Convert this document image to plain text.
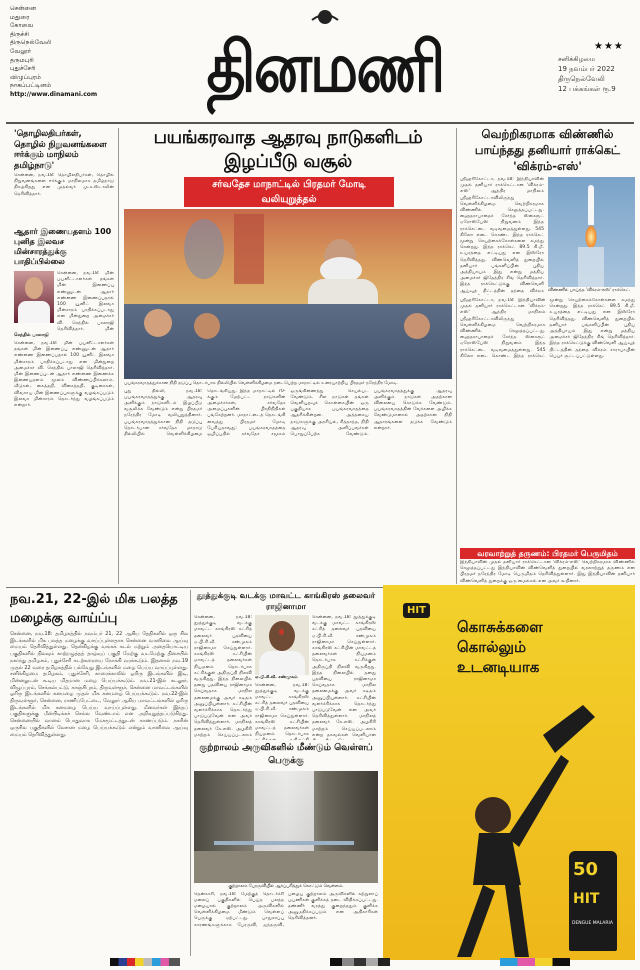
சென்னை
மதுரை
கோவை
திருச்சி
திருநெல்வேலி
வேலூர்
தருமபுரி
புதுச்சேரி
விழுப்புரம்
நாகப்பட்டினம்
http://www.dinamani.com	தினமணி	★★★
சனிக்கிழமை
19 நவம்பர் 2022
திருநெல்வேலி
12 பக்கங்கள் ரூ.9
'தொழிலதிபர்கள், தொழில் நிறுவனங்களை ஈர்க்கும் மாநிலம் தமிழ்நாடு'
சென்னை, நவ.18: தொழிலதிபர்கள், தொழில் நிறுவனங்களை ஈர்க்கும் மாநிலமாக தமிழ்நாடு திகழ்கிறது என முதல்வர் மு.க.ஸ்டாலின் தெரிவித்தார்.
ஆதார் இணையதளம் 100 புனித இலவச மின்சாரத்துக்கு பாதிப்பில்லை
சென்னை, நவ.18: மின் பயனீட்டாளர்கள் தங்கள் மின் இணைப்பு எண்ணுடன் ஆதார் எண்ணை இணைப்பதால் 100 யூனிட் இலவச மின்சாரம் பாதிக்கப்படாது என மின்துறை அமைச்சர் வி. செந்தில் பாலாஜி தெரிவித்தார். மின்
செந்தில் பாலாஜி
சென்னை, நவ.18: மின் பயனீட்டாளர்கள் தங்கள் மின் இணைப்பு எண்ணுடன் ஆதார் எண்ணை இணைப்பதால் 100 யூனிட் இலவச மின்சாரம் பாதிக்கப்படாது என மின்துறை அமைச்சர் வி. செந்தில் பாலாஜி தெரிவித்தார். மின் இணைப்புடன் ஆதார் எண்ணை இணைக்க இணையதளம் மூலம் விண்ணப்பிக்கலாம். வீடுகள், கைத்தறி, விசைத்தறி, குடிசைகள், விவசாய மின் இணைப்புகளுக்கு வழங்கப்படும் இலவச மின்சாரம் தொடர்ந்து வழங்கப்படும் என்றார்.
பயங்கரவாத ஆதரவு நாடுகளிடம் இழப்பீடு வசூல்
சர்வதேச மாநாட்டில் பிரதமர் மோடி வலியுறுத்தல்
பயங்கரவாதத்துக்கான நிதி தடுப்பு தொடர்பாக தில்லியில் வெள்ளிக்கிழமை நடைபெற்ற மாநாட்டில் உரையாற்றிய பிரதமர் நரேந்திர மோடி.
புது தில்லி, நவ.18: பயங்கரவாதத்துக்கு ஆதரவு அளிக்கும் நாடுகளிடம் இழப்பீடு வசூலிக்க வேண்டும் என்று பிரதமர் நரேந்திர மோடி வலியுறுத்தினார். பயங்கரவாதத்துக்கான நிதி தடுப்பு தொடர்பான சர்வதேச மாநாடு தில்லியில் வெள்ளிக்கிழமை தொடங்கியது. இந்த மாநாட்டில் 70-க்கும் மேற்பட்ட நாடுகளின் அமைச்சர்கள், சர்வதேச அமைப்புகளின் பிரதிநிதிகள் பங்கேற்றனர். மாநாட்டைத் தொடங்கி வைத்து பிரதமர் மோடி பேசியதாவது: பயங்கரவாதத்தை ஒழிப்பதில் சர்வதேச சமூகம் ஒருங்கிணைந்து செயல்பட வேண்டும். சில நாடுகள் தங்கள் வெளியுறவுக் கொள்கையின் ஒரு பகுதியாக பயங்கரவாதத்தை ஆதரிக்கின்றன. அத்தகைய நாடுகளுக்கு அரசியல், சித்தாந்த, நிதி ஆதரவு அளிப்பவர்கள் பொறுப்பேற்க வேண்டும். பயங்கரவாதத்துக்கு ஆதரவு அளிக்கும் நாடுகள் அதற்கான விலையை கொடுக்க வேண்டும். பயங்கரவாதத்தின் வேர்களை அழிக்க வேண்டுமானால் அதற்கான நிதி ஆதாரங்களை தடுக்க வேண்டும் என்றார்.
வெற்றிகரமாக விண்ணில் பாய்ந்தது தனியார் ராக்கெட் 'விக்ரம்-எஸ்'
ஸ்ரீஹரிகோட்டா, நவ.18: இந்தியாவின் முதல் தனியார் ராக்கெட்டான 'விக்ரம்-எஸ்' ஆந்திர மாநிலம் ஸ்ரீஹரிகோட்டாவிலிருந்து வெள்ளிக்கிழமை வெற்றிகரமாக விண்ணில் செலுத்தப்பட்டது. ஹைதராபாதைச் சேர்ந்த ஸ்கைரூட் ஏரோஸ்பேஸ் நிறுவனம் இந்த ராக்கெட்டை வடிவமைத்துள்ளது. 545 கிலோ எடை கொண்ட இந்த ராக்கெட் மூன்று செயற்கைக்கோள்களை சுமந்து சென்றது. இந்த ராக்கெட் 89.5 கி.மீ. உயரத்தை எட்டியது என இஸ்ரோ தெரிவித்தது. விண்வெளித் துறையில் தனியார் பங்களிப்பின் புதிய அத்தியாயம் இது என்று மத்திய அமைச்சர் ஜிதேந்திர சிங் தெரிவித்தார். இந்த ராக்கெட்டுக்கு விண்வெளி ஆய்வுத் திட்டத்தின் தந்தை விக்ரம் விண்ணில் பாய்ந்த 'விக்ரம்-எஸ்' ராக்கெட்.
ஸ்ரீஹரிகோட்டா, நவ.18: இந்தியாவின் முதல் தனியார் ராக்கெட்டான 'விக்ரம்-எஸ்' ஆந்திர மாநிலம் ஸ்ரீஹரிகோட்டாவிலிருந்து வெள்ளிக்கிழமை வெற்றிகரமாக விண்ணில் செலுத்தப்பட்டது. ஹைதராபாதைச் சேர்ந்த ஸ்கைரூட் ஏரோஸ்பேஸ் நிறுவனம் இந்த ராக்கெட்டை வடிவமைத்துள்ளது. 545 கிலோ எடை கொண்ட இந்த ராக்கெட் மூன்று செயற்கைக்கோள்களை சுமந்து சென்றது. இந்த ராக்கெட் 89.5 கி.மீ. உயரத்தை எட்டியது என இஸ்ரோ தெரிவித்தது. விண்வெளித் துறையில் தனியார் பங்களிப்பின் புதிய அத்தியாயம் இது என்று மத்திய அமைச்சர் ஜிதேந்திர சிங் தெரிவித்தார். இந்த ராக்கெட்டுக்கு விண்வெளி ஆய்வுத் திட்டத்தின் தந்தை விக்ரம் சாராபாயின் பெயர் சூட்டப்பட்டுள்ளது.
வரவாற்றுத் தருணம்: பிரதமர் பெருமிதம்
இந்தியாவின் முதல் தனியார் ராக்கெட்டான 'விக்ரம்-எஸ்' வெற்றிகரமாக விண்ணில் செலுத்தப்பட்டது இந்தியாவின் விண்வெளித் துறையில் வரலாற்றுத் தருணம் என பிரதமர் நரேந்திர மோடி பெருமிதம் தெரிவித்துள்ளார். இது இந்தியாவின் தனியார் விண்வெளித் துறைக்கு ஒரு மைல்கல் என அவர் கூறினார்.
நவ.21, 22-இல் மிக பலத்த மழைக்கு வாய்ப்பு
சென்னை, நவ.18: தமிழகத்தில் நவம்பர் 21, 22 ஆகிய தேதிகளில் ஒரு சில இடங்களில் மிக பலத்த மழைக்கு வாய்ப்புள்ளதாக சென்னை வானிலை ஆய்வு மையம் தெரிவித்துள்ளது. தென்கிழக்கு வங்கக் கடல் மற்றும் அதையொட்டிய பகுதிகளில் நிலவும் காற்றழுத்தத் தாழ்வுப் பகுதி மேற்கு வடமேற்கு திசையில் நகர்ந்து தமிழகம், புதுச்சேரி கடற்கரையை நோக்கி வரக்கூடும். இதனால் நவ.19 முதல் 22 வரை தமிழகத்தில் பல்வேறு இடங்களில் மழை பெய்ய வாய்ப்புள்ளது. சனிக்கிழமை தமிழகம், புதுச்சேரி, காரைக்காலில் ஓரிரு இடங்களில் இடி, மின்னலுடன் கூடிய மிதமான மழை பெய்யக்கூடும். நவ.21-இல் கடலூர், விழுப்புரம், செங்கல்பட்டு, காஞ்சிபுரம், திருவள்ளூர், சென்னை மாவட்டங்களில் ஓரிரு இடங்களில் கனமழை முதல் மிக கனமழை பெய்யக்கூடும். நவ.22-இல் திருவள்ளூர், சென்னை, ராணிப்பேட்டை, வேலூர் ஆகிய மாவட்டங்களில் ஓரிரு இடங்களில் மிக கனமழை பெய்ய வாய்ப்புள்ளது. மீனவர்கள் இந்தப் பகுதிகளுக்கு மீன்பிடிக்கச் செல்ல வேண்டாம் என அறிவுறுத்தப்படுகிறது. சென்னையில் வானம் பொதுவாக மேகமூட்டத்துடன் காணப்படும். நகரின் ஒருசில பகுதிகளில் லேசான மழை பெய்யக்கூடும் என்றும் வானிலை ஆய்வு மையம் தெரிவித்துள்ளது.
தூத்துக்குடி வடக்கு மாவட்ட காங்கிரஸ் தலைவர் ராஜினாமா
சென்னை, நவ.18: தூத்துக்குடி வடக்கு மாவட்ட காங்கிரஸ் கட்சித் தலைவர் பதவியை ஏ.பி.சி.வீ. சண்முகம் ராஜினாமா செய்துள்ளார். காங்கிரஸ் கட்சியின் மாவட்டத் தலைவர்கள் நியமனம் தொடர்பாக கட்சிக்குள் அதிருப்தி நிலவி வருகிறது. இந்த நிலையில் தனது பதவியை ராஜினாமா செய்வதாக மாநில தலைமைக்கு அவர் கடிதம் அனுப்பியுள்ளார். கட்சியின் வளர்ச்சிக்காக தொடர்ந்து பாடுபடுவேன் என அவர் தெரிவித்துள்ளார். மாநிலத் தலைவர் கே.எஸ். அழகிரி மாற்றம் செய்யப்படலாம்
ஏ.பி.சி.வீ. சண்முகம்
சென்னை, நவ.18: தூத்துக்குடி வடக்கு மாவட்ட காங்கிரஸ் கட்சித் தலைவர் பதவியை ஏ.பி.சி.வீ. சண்முகம் ராஜினாமா செய்துள்ளார். காங்கிரஸ் கட்சியின் மாவட்டத் தலைவர்கள் நியமனம் தொடர்பாக
சென்னை, நவ.18: தூத்துக்குடி வடக்கு மாவட்ட காங்கிரஸ் கட்சித் தலைவர் பதவியை ஏ.பி.சி.வீ. சண்முகம் ராஜினாமா செய்துள்ளார். காங்கிரஸ் கட்சியின் மாவட்டத் தலைவர்கள் நியமனம் தொடர்பாக கட்சிக்குள் அதிருப்தி நிலவி வருகிறது. இந்த நிலையில் தனது பதவியை ராஜினாமா செய்வதாக மாநில தலைமைக்கு அவர் கடிதம் அனுப்பியுள்ளார். கட்சியின் வளர்ச்சிக்காக தொடர்ந்து பாடுபடுவேன் என அவர் தெரிவித்துள்ளார். மாநிலத் தலைவர் கே.எஸ். அழகிரி மாற்றம் செய்யப்படலாம் என்ற தகவல்கள் வெளியான
குற்றாலம் அருவிகளில் மீண்டும் வெள்ளப் பெருக்கு
குற்றாலம் பேரருவியில் ஆர்ப்பரித்துக் கொட்டும் வெள்ளம்.
தென்காசி, நவ.18: மேற்குத் தொடர்ச்சி மலைப் பகுதிகளில் பெய்த பலத்த மழையால் குற்றாலம் அருவிகளில் வெள்ளிக்கிழமை மீண்டும் வெள்ளப் பெருக்கு ஏற்பட்டது. பாதுகாப்பு காரணங்களுக்காக பேரருவி, ஐந்தருவி, பழைய குற்றாலம் அருவிகளில் சுற்றுலாப் பயணிகள் குளிக்கத் தடை விதிக்கப்பட்டது. தண்ணீர் வரத்து குறைந்ததும் குளிக்க அனுமதிக்கப்படும் என அதிகாரிகள் தெரிவித்தனர்.
HIT
கொசுக்களை
கொல்லும்
உடனடியாக
50
HIT
DENGUE MALARIA
